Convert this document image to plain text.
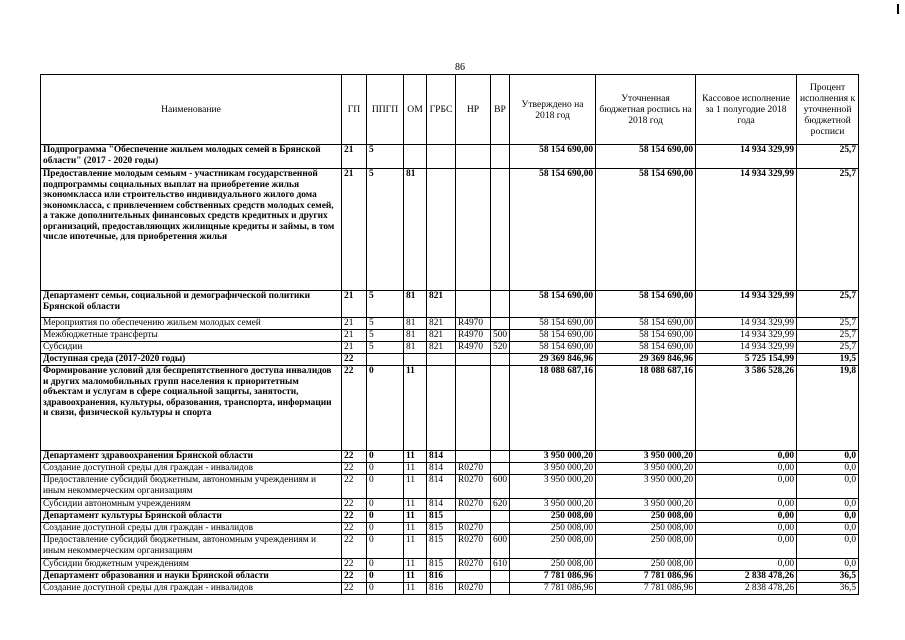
86
Наименование	ГП	ППГП	ОМ	ГРБС	НР	ВР	Утверждено на 2018 год	Уточненная бюджетная роспись на 2018 год	Кассовое исполнение за 1 полугодие 2018 года	Процент исполнения к уточненной бюджетной росписи
Подпрограмма "Обеспечение жильем молодых семей в Брянской области" (2017 - 2020 годы)	21	5					58 154 690,00	58 154 690,00	14 934 329,99	25,7
Предоставление молодым семьям - участникам государственной подпрограммы социальных выплат на приобретение жилья экономкласса или строительство индивидуального жилого дома экономкласса, с привлечением собственных средств молодых семей, а также дополнительных финансовых средств кредитных и других организаций, предоставляющих жилищные кредиты и займы, в том числе ипотечные, для приобретения жилья	21	5	81				58 154 690,00	58 154 690,00	14 934 329,99	25,7
Департамент семьи, социальной и демографической политики Брянской области	21	5	81	821			58 154 690,00	58 154 690,00	14 934 329,99	25,7
Мероприятия по обеспечению жильем молодых семей	21	5	81	821	R4970		58 154 690,00	58 154 690,00	14 934 329,99	25,7
Межбюджетные трансферты	21	5	81	821	R4970	500	58 154 690,00	58 154 690,00	14 934 329,99	25,7
Субсидии	21	5	81	821	R4970	520	58 154 690,00	58 154 690,00	14 934 329,99	25,7
Доступная среда (2017-2020 годы)	22						29 369 846,96	29 369 846,96	5 725 154,99	19,5
Формирование условий для беспрепятственного доступа инвалидов и других маломобильных групп населения к приоритетным объектам и услугам в сфере социальной защиты, занятости, здравоохранения, культуры, образования, транспорта, информации и связи, физической культуры и спорта	22	0	11				18 088 687,16	18 088 687,16	3 586 528,26	19,8
Департамент здравоохранения Брянской области	22	0	11	814			3 950 000,20	3 950 000,20	0,00	0,0
Создание доступной среды для граждан - инвалидов	22	0	11	814	R0270		3 950 000,20	3 950 000,20	0,00	0,0
Предоставление субсидий бюджетным, автономным учреждениям и иным некоммерческим организациям	22	0	11	814	R0270	600	3 950 000,20	3 950 000,20	0,00	0,0
Субсидии автономным учреждениям	22	0	11	814	R0270	620	3 950 000,20	3 950 000,20	0,00	0,0
Департамент культуры Брянской области	22	0	11	815			250 008,00	250 008,00	0,00	0,0
Создание доступной среды для граждан - инвалидов	22	0	11	815	R0270		250 008,00	250 008,00	0,00	0,0
Предоставление субсидий бюджетным, автономным учреждениям и иным некоммерческим организациям	22	0	11	815	R0270	600	250 008,00	250 008,00	0,00	0,0
Субсидии бюджетным учреждениям	22	0	11	815	R0270	610	250 008,00	250 008,00	0,00	0,0
Департамент образования и науки Брянской области	22	0	11	816			7 781 086,96	7 781 086,96	2 838 478,26	36,5
Создание доступной среды для граждан - инвалидов	22	0	11	816	R0270		7 781 086,96	7 781 086,96	2 838 478,26	36,5
